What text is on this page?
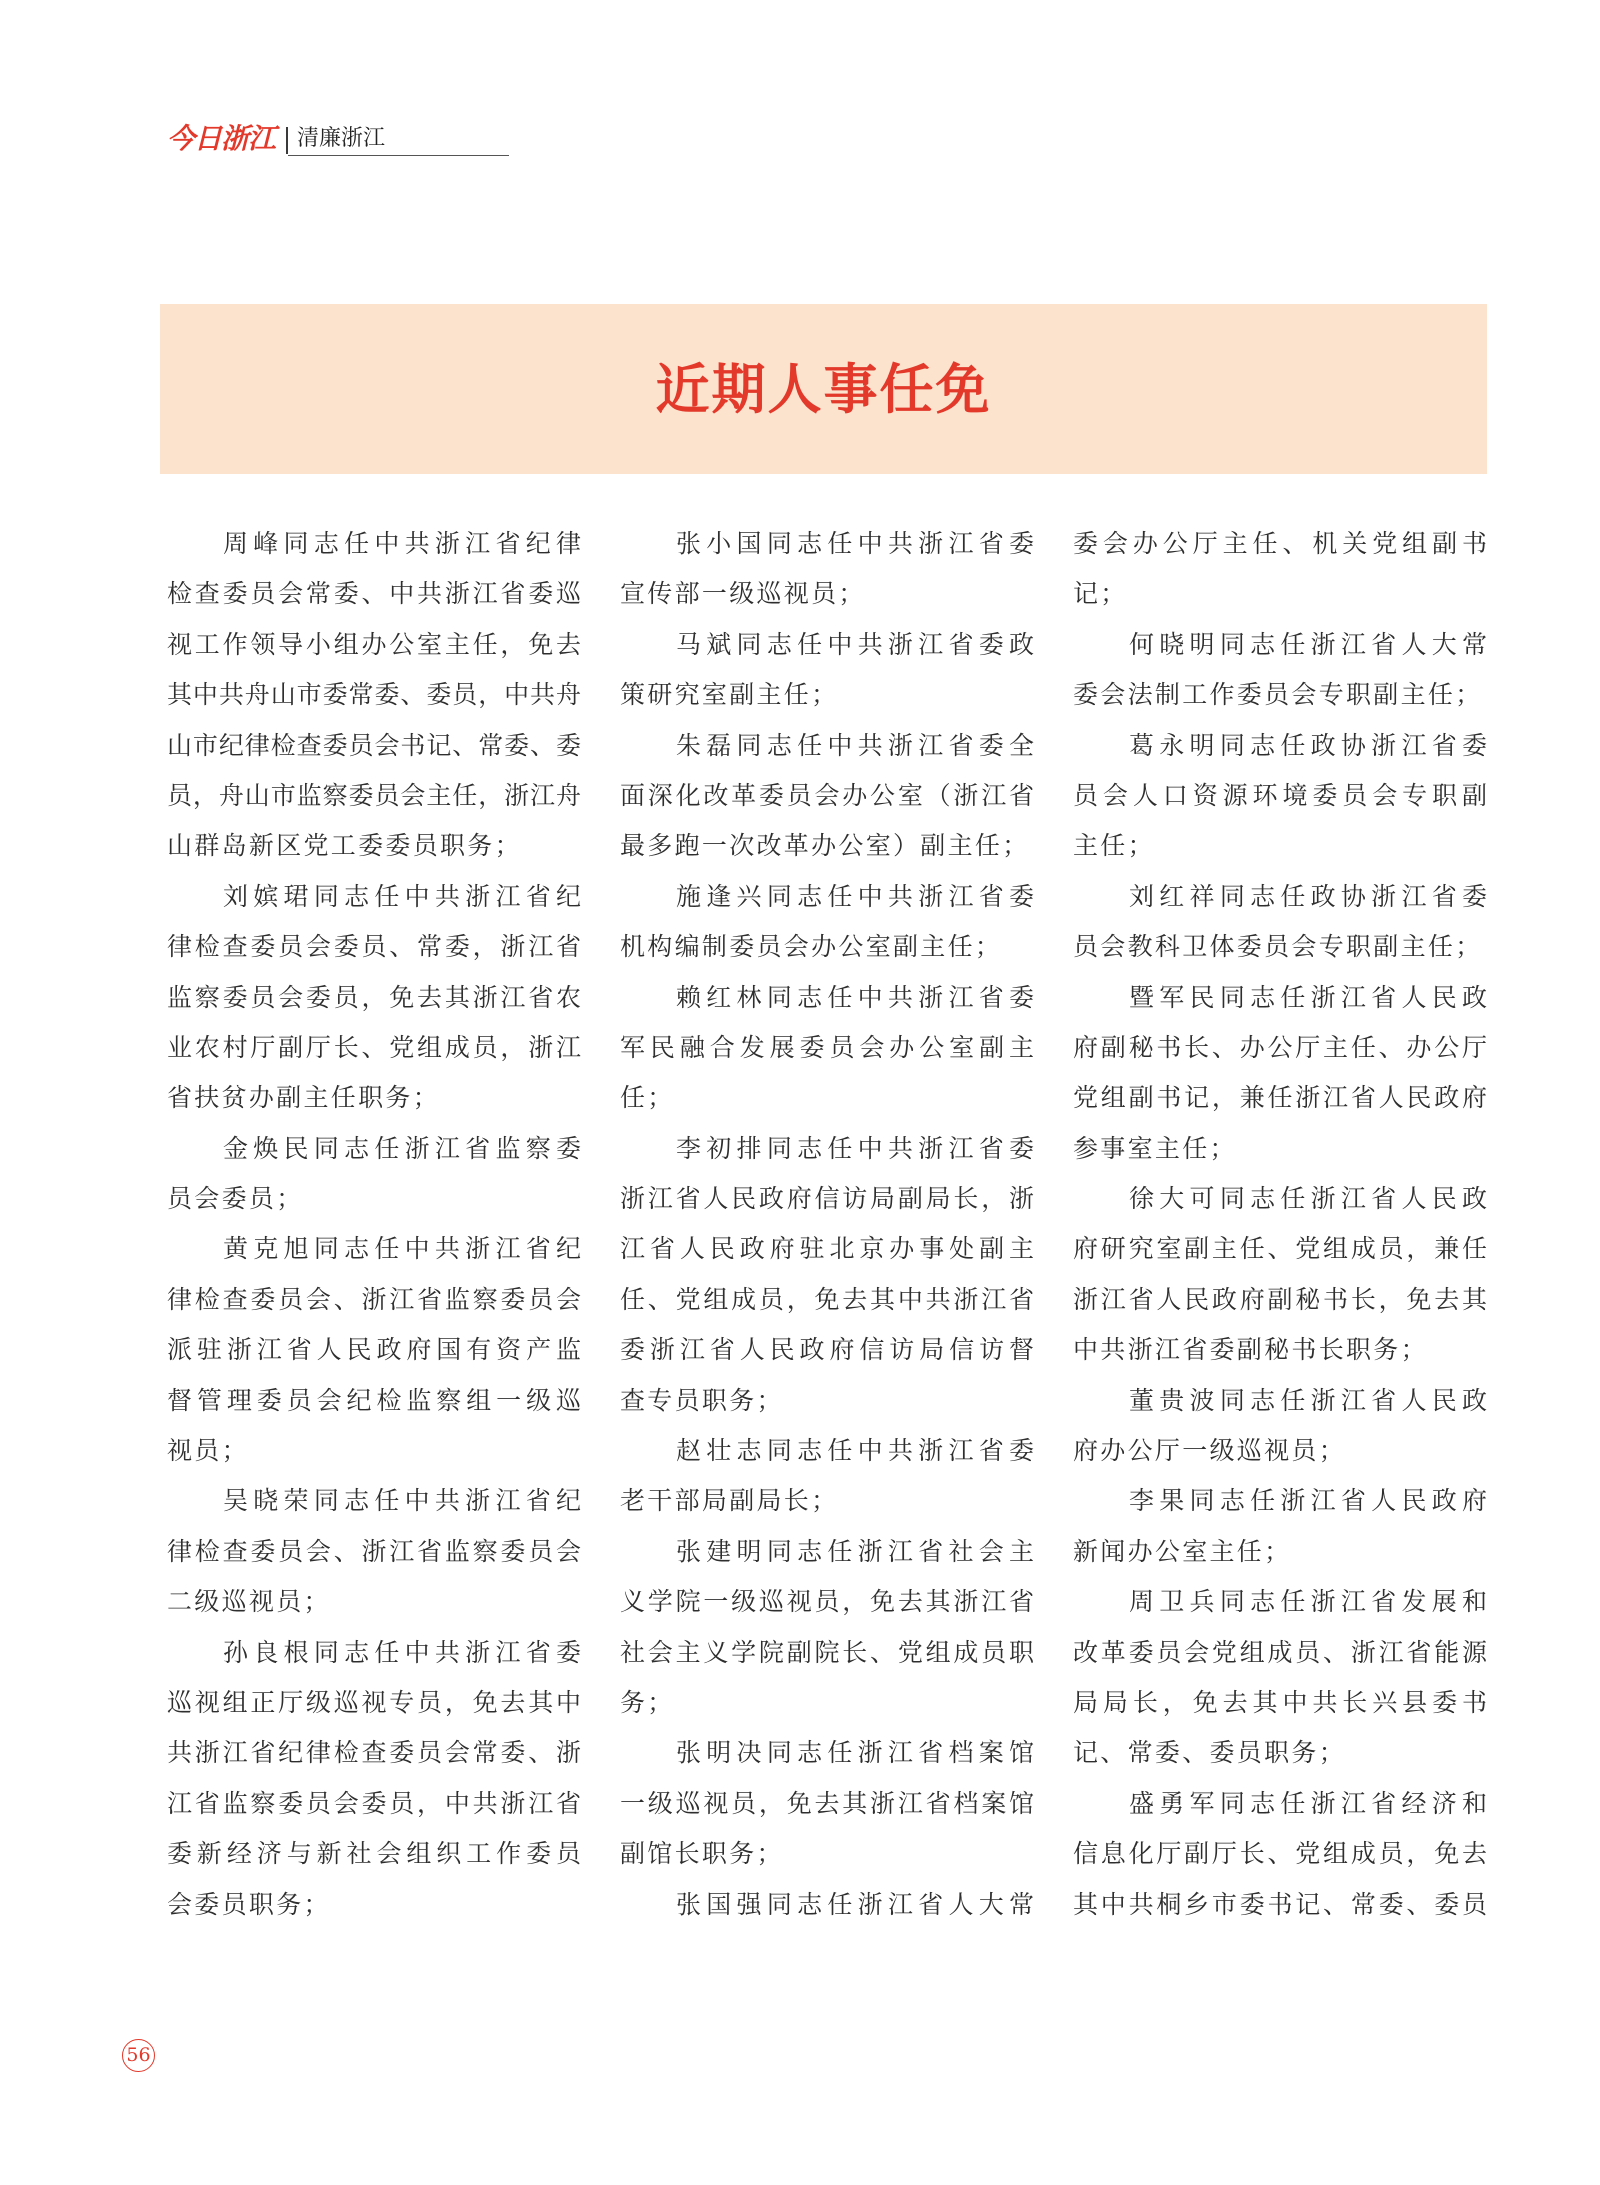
今日浙江 清廉浙江
近期人事任免
周峰同志任中共浙江省纪律
检查委员会常委、中共浙江省委巡
视工作领导小组办公室主任，免去
其中共舟山市委常委、委员，中共舟
山市纪律检查委员会书记、常委、委
员，舟山市监察委员会主任，浙江舟
山群岛新区党工委委员职务；
刘嫔珺同志任中共浙江省纪
律检查委员会委员、常委，浙江省
监察委员会委员，免去其浙江省农
业农村厅副厅长、党组成员，浙江
省扶贫办副主任职务；
金焕民同志任浙江省监察委
员会委员；
黄克旭同志任中共浙江省纪
律检查委员会、浙江省监察委员会
派驻浙江省人民政府国有资产监
督管理委员会纪检监察组一级巡
视员；
吴晓荣同志任中共浙江省纪
律检查委员会、浙江省监察委员会
二级巡视员；
孙良根同志任中共浙江省委
巡视组正厅级巡视专员，免去其中
共浙江省纪律检查委员会常委、浙
江省监察委员会委员，中共浙江省
委新经济与新社会组织工作委员
会委员职务；
张小国同志任中共浙江省委
宣传部一级巡视员；
马斌同志任中共浙江省委政
策研究室副主任；
朱磊同志任中共浙江省委全
面深化改革委员会办公室（浙江省
最多跑一次改革办公室）副主任；
施逢兴同志任中共浙江省委
机构编制委员会办公室副主任；
赖红林同志任中共浙江省委
军民融合发展委员会办公室副主
任；
李初排同志任中共浙江省委
浙江省人民政府信访局副局长，浙
江省人民政府驻北京办事处副主
任、党组成员，免去其中共浙江省
委浙江省人民政府信访局信访督
查专员职务；
赵壮志同志任中共浙江省委
老干部局副局长；
张建明同志任浙江省社会主
义学院一级巡视员，免去其浙江省
社会主义学院副院长、党组成员职
务；
张明决同志任浙江省档案馆
一级巡视员，免去其浙江省档案馆
副馆长职务；
张国强同志任浙江省人大常
委会办公厅主任、机关党组副书
记；
何晓明同志任浙江省人大常
委会法制工作委员会专职副主任；
葛永明同志任政协浙江省委
员会人口资源环境委员会专职副
主任；
刘红祥同志任政协浙江省委
员会教科卫体委员会专职副主任；
暨军民同志任浙江省人民政
府副秘书长、办公厅主任、办公厅
党组副书记，兼任浙江省人民政府
参事室主任；
徐大可同志任浙江省人民政
府研究室副主任、党组成员，兼任
浙江省人民政府副秘书长，免去其
中共浙江省委副秘书长职务；
董贵波同志任浙江省人民政
府办公厅一级巡视员；
李果同志任浙江省人民政府
新闻办公室主任；
周卫兵同志任浙江省发展和
改革委员会党组成员、浙江省能源
局局长，免去其中共长兴县委书
记、常委、委员职务；
盛勇军同志任浙江省经济和
信息化厅副厅长、党组成员，免去
其中共桐乡市委书记、常委、委员
56
